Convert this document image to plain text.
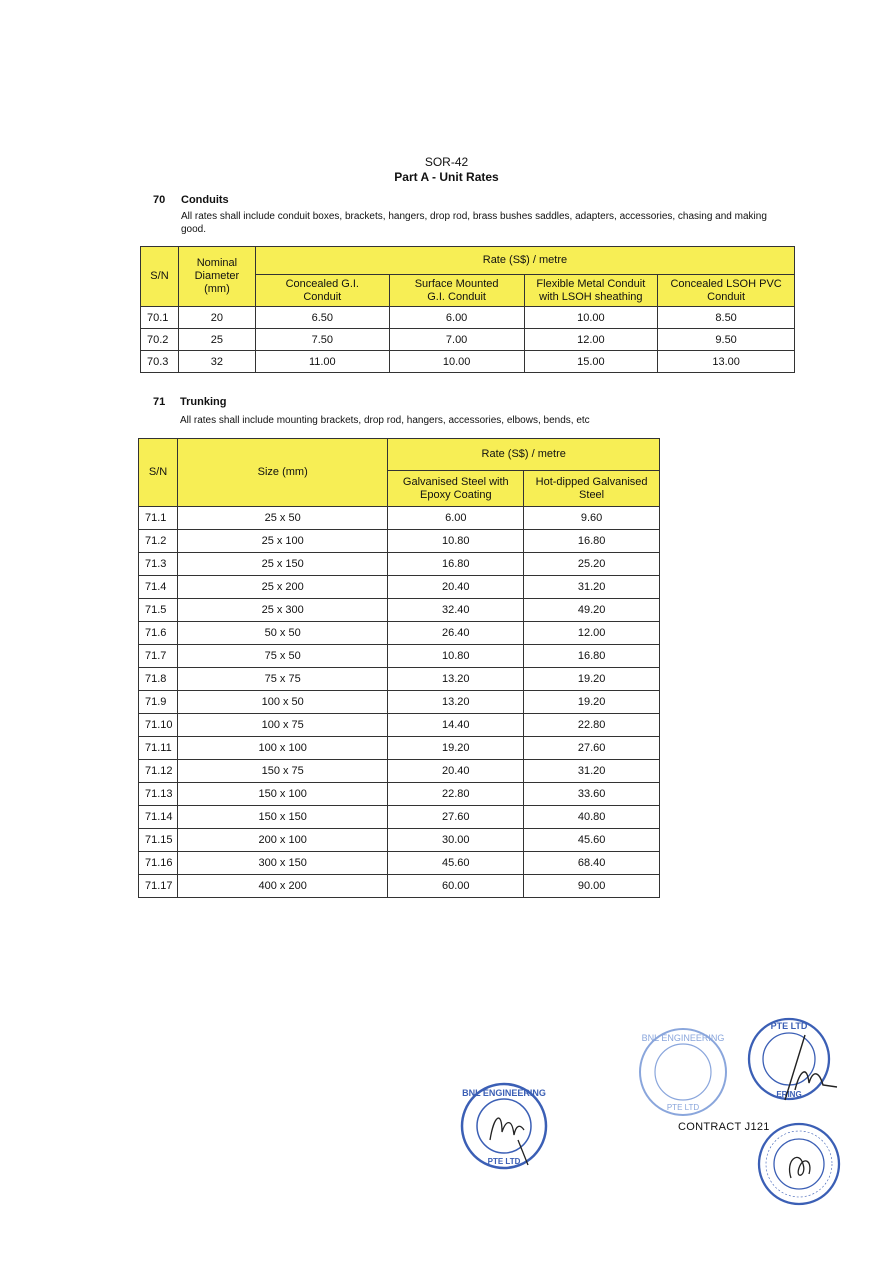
SOR-42
Part A - Unit Rates
70 Conduits
All rates shall include conduit boxes, brackets, hangers, drop rod, brass bushes saddles, adapters, accessories, chasing and making good.
S/N	Nominal Diameter (mm)	Rate (S$) / metre			
		Concealed G.I. Conduit	Surface Mounted G.I. Conduit	Flexible Metal Conduit with LSOH sheathing	Concealed LSOH PVC Conduit
70.1	20	6.50	6.00	10.00	8.50
70.2	25	7.50	7.00	12.00	9.50
70.3	32	11.00	10.00	15.00	13.00
71 Trunking
All rates shall include mounting brackets, drop rod, hangers, accessories, elbows, bends, etc
S/N	Size (mm)	Rate (S$) / metre	
		Galvanised Steel with Epoxy Coating	Hot-dipped Galvanised Steel
71.1	25 x 50	6.00	9.60
71.2	25 x 100	10.80	16.80
71.3	25 x 150	16.80	25.20
71.4	25 x 200	20.40	31.20
71.5	25 x 300	32.40	49.20
71.6	50 x 50	26.40	12.00
71.7	75 x 50	10.80	16.80
71.8	75 x 75	13.20	19.20
71.9	100 x 50	13.20	19.20
71.10	100 x 75	14.40	22.80
71.11	100 x 100	19.20	27.60
71.12	150 x 75	20.40	31.20
71.13	150 x 100	22.80	33.60
71.14	150 x 150	27.60	40.80
71.15	200 x 100	30.00	45.60
71.16	300 x 150	45.60	68.40
71.17	400 x 200	60.00	90.00
BNL ENGINEERING
PTE LTD
BNL ENGINEERING
PTE LTD
PTE LTD
ERING
CONTRACT J121
